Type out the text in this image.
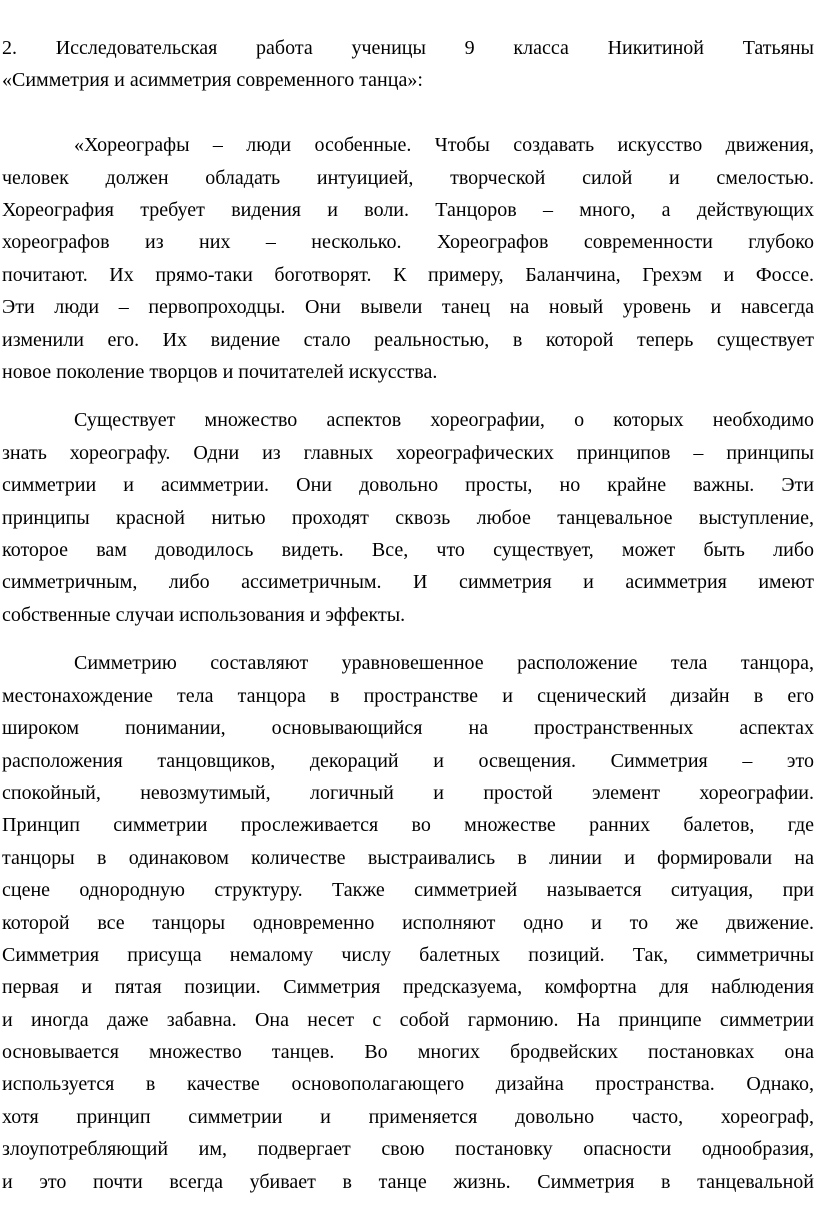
2. Исследовательская работа ученицы 9 класса Никитиной Татьяны
«Симметрия и асимметрия современного танца»:
«Хореографы – люди особенные. Чтобы создавать искусство движения,
человек должен обладать интуицией, творческой силой и смелостью.
Хореография требует видения и воли. Танцоров – много, а действующих
хореографов из них – несколько. Хореографов современности глубоко
почитают. Их прямо-таки боготворят. К примеру, Баланчина, Грехэм и Фоссе.
Эти люди – первопроходцы. Они вывели танец на новый уровень и навсегда
изменили его. Их видение стало реальностью, в которой теперь существует
новое поколение творцов и почитателей искусства.
Существует множество аспектов хореографии, о которых необходимо
знать хореографу. Одни из главных хореографических принципов – принципы
симметрии и асимметрии. Они довольно просты, но крайне важны. Эти
принципы красной нитью проходят сквозь любое танцевальное выступление,
которое вам доводилось видеть. Все, что существует, может быть либо
симметричным, либо ассиметричным. И симметрия и асимметрия имеют
собственные случаи использования и эффекты.
Симметрию составляют уравновешенное расположение тела танцора,
местонахождение тела танцора в пространстве и сценический дизайн в его
широком понимании, основывающийся на пространственных аспектах
расположения танцовщиков, декораций и освещения. Симметрия – это
спокойный, невозмутимый, логичный и простой элемент хореографии.
Принцип симметрии прослеживается во множестве ранних балетов, где
танцоры в одинаковом количестве выстраивались в линии и формировали на
сцене однородную структуру. Также симметрией называется ситуация, при
которой все танцоры одновременно исполняют одно и то же движение.
Симметрия присуща немалому числу балетных позиций. Так, симметричны
первая и пятая позиции. Симметрия предсказуема, комфортна для наблюдения
и иногда даже забавна. Она несет с собой гармонию. На принципе симметрии
основывается множество танцев. Во многих бродвейских постановках она
используется в качестве основополагающего дизайна пространства. Однако,
хотя принцип симметрии и применяется довольно часто, хореограф,
злоупотребляющий им, подвергает свою постановку опасности однообразия,
и это почти всегда убивает в танце жизнь. Симметрия в танцевальной
